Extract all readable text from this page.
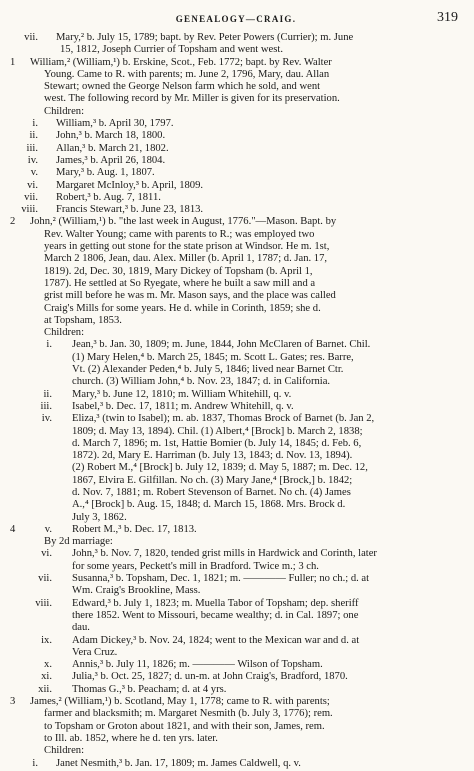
GENEALOGY—CRAIG.	319
vii.	Mary,² b. July 15, 1789; bapt. by Rev. Peter Powers (Currier); m. June
15, 1812, Joseph Currier of Topsham and went west.
1	William,² (William,¹) b. Erskine, Scot., Feb. 1772; bapt. by Rev. Walter
Young. Came to R. with parents; m. June 2, 1796, Mary, dau. Allan
Stewart; owned the George Nelson farm which he sold, and went
west. The following record by Mr. Miller is given for its preservation.
Children:
i.	William,³ b. April 30, 1797.
ii.	John,³ b. March 18, 1800.
iii.	Allan,³ b. March 21, 1802.
iv.	James,³ b. April 26, 1804.
v.	Mary,³ b. Aug. 1, 1807.
vi.	Margaret McInloy,³ b. April, 1809.
vii.	Robert,³ b. Aug. 7, 1811.
viii.	Francis Stewart,³ b. June 23, 1813.
2	John,² (William,¹) b. "the last week in August, 1776."—Mason. Bapt. by
Rev. Walter Young; came with parents to R.; was employed two
years in getting out stone for the state prison at Windsor. He m. 1st,
March 2 1806, Jean, dau. Alex. Miller (b. April 1, 1787; d. Jan. 17,
1819). 2d, Dec. 30, 1819, Mary Dickey of Topsham (b. April 1,
1787). He settled at So Ryegate, where he built a saw mill and a
grist mill before he was m. Mr. Mason says, and the place was called
Craig's Mills for some years. He d. while in Corinth, 1859; she d.
at Topsham, 1853.
Children:
i.	Jean,³ b. Jan. 30, 1809; m. June, 1844, John McClaren of Barnet. Chil.
(1) Mary Helen,⁴ b. March 25, 1845; m. Scott L. Gates; res. Barre,
Vt. (2) Alexander Peden,⁴ b. July 5, 1846; lived near Barnet Ctr.
church. (3) William John,⁴ b. Nov. 23, 1847; d. in California.
ii.	Mary,³ b. June 12, 1810; m. William Whitehill, q. v.
iii.	Isabel,³ b. Dec. 17, 1811; m. Andrew Whitehill, q. v.
iv.	Eliza,³ (twin to Isabel); m. ab. 1837, Thomas Brock of Barnet (b. Jan 2,
1809; d. May 13, 1894). Chil. (1) Albert,⁴ [Brock] b. March 2, 1838;
d. March 7, 1896; m. 1st, Hattie Bomier (b. July 14, 1845; d. Feb. 6,
1872). 2d, Mary E. Harriman (b. July 13, 1843; d. Nov. 13, 1894).
(2) Robert M.,⁴ [Brock] b. July 12, 1839; d. May 5, 1887; m. Dec. 12,
1867, Elvira E. Gilfillan. No ch. (3) Mary Jane,⁴ [Brock,] b. 1842;
d. Nov. 7, 1881; m. Robert Stevenson of Barnet. No ch. (4) James
A.,⁴ [Brock] b. Aug. 15, 1848; d. March 15, 1868. Mrs. Brock d.
July 3, 1862.
4	v.	Robert M.,³ b. Dec. 17, 1813.
By 2d marriage:
vi.	John,³ b. Nov. 7, 1820, tended grist mills in Hardwick and Corinth, later
for some years, Peckett's mill in Bradford. Twice m.; 3 ch.
vii.	Susanna,³ b. Topsham, Dec. 1, 1821; m. ———— Fuller; no ch.; d. at
Wm. Craig's Brookline, Mass.
viii.	Edward,³ b. July 1, 1823; m. Muella Tabor of Topsham; dep. sheriff
there 1852. Went to Missouri, became wealthy; d. in Cal. 1897; one
dau.
ix.	Adam Dickey,³ b. Nov. 24, 1824; went to the Mexican war and d. at
Vera Cruz.
x.	Annis,³ b. July 11, 1826; m. ———— Wilson of Topsham.
xi.	Julia,³ b. Oct. 25, 1827; d. un-m. at John Craig's, Bradford, 1870.
xii.	Thomas G.,³ b. Peacham; d. at 4 yrs.
3	James,² (William,¹) b. Scotland, May 1, 1778; came to R. with parents;
farmer and blacksmith; m. Margaret Nesmith (b. July 3, 1776); rem.
to Topsham or Groton about 1821, and with their son, James, rem.
to Ill. ab. 1852, where he d. ten yrs. later.
Children:
i.	Janet Nesmith,³ b. Jan. 17, 1809; m. James Caldwell, q. v.
